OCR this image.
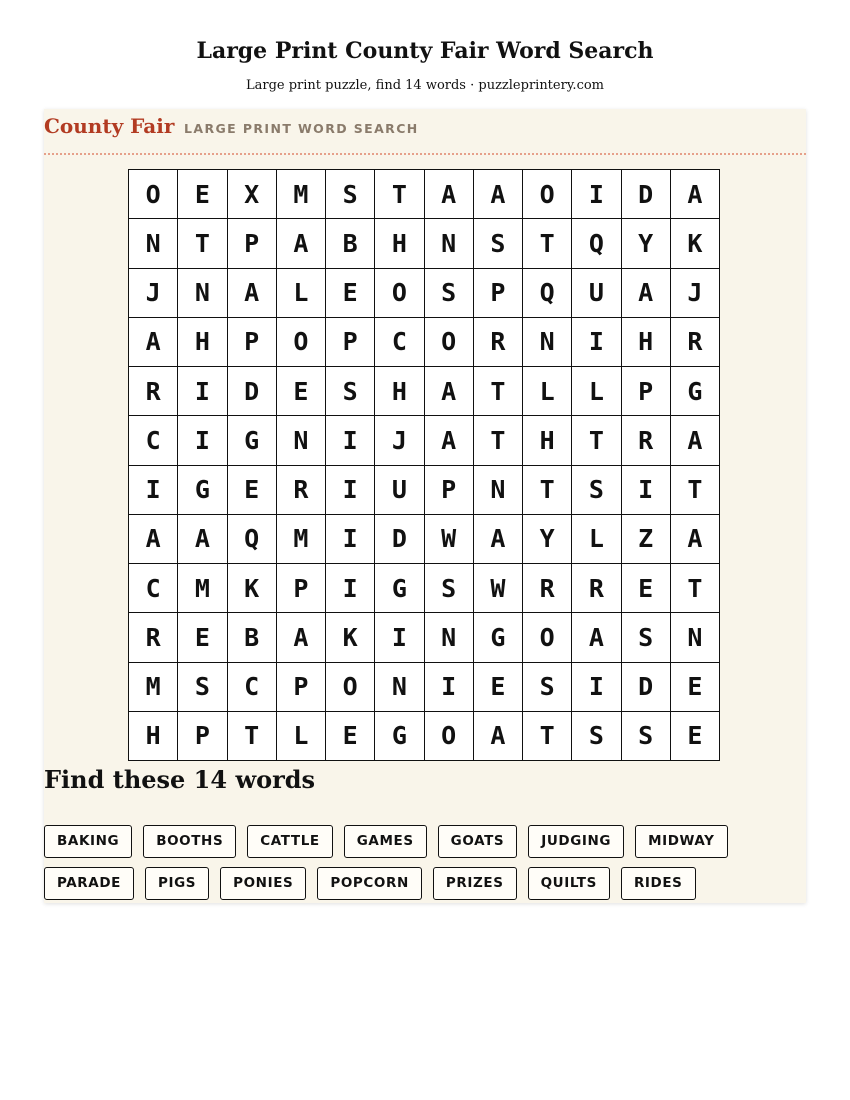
Large Print County Fair Word Search
Large print puzzle, find 14 words · puzzleprintery.com
County Fair LARGE PRINT WORD SEARCH
O	E	X	M	S	T	A	A	O	I	D	A
N	T	P	A	B	H	N	S	T	Q	Y	K
J	N	A	L	E	O	S	P	Q	U	A	J
A	H	P	O	P	C	O	R	N	I	H	R
R	I	D	E	S	H	A	T	L	L	P	G
C	I	G	N	I	J	A	T	H	T	R	A
I	G	E	R	I	U	P	N	T	S	I	T
A	A	Q	M	I	D	W	A	Y	L	Z	A
C	M	K	P	I	G	S	W	R	R	E	T
R	E	B	A	K	I	N	G	O	A	S	N
M	S	C	P	O	N	I	E	S	I	D	E
H	P	T	L	E	G	O	A	T	S	S	E
Find these 14 words
BAKING	BOOTHS	CATTLE	GAMES	GOATS	JUDGING	MIDWAY
PARADE	PIGS	PONIES	POPCORN	PRIZES	QUILTS	RIDES
